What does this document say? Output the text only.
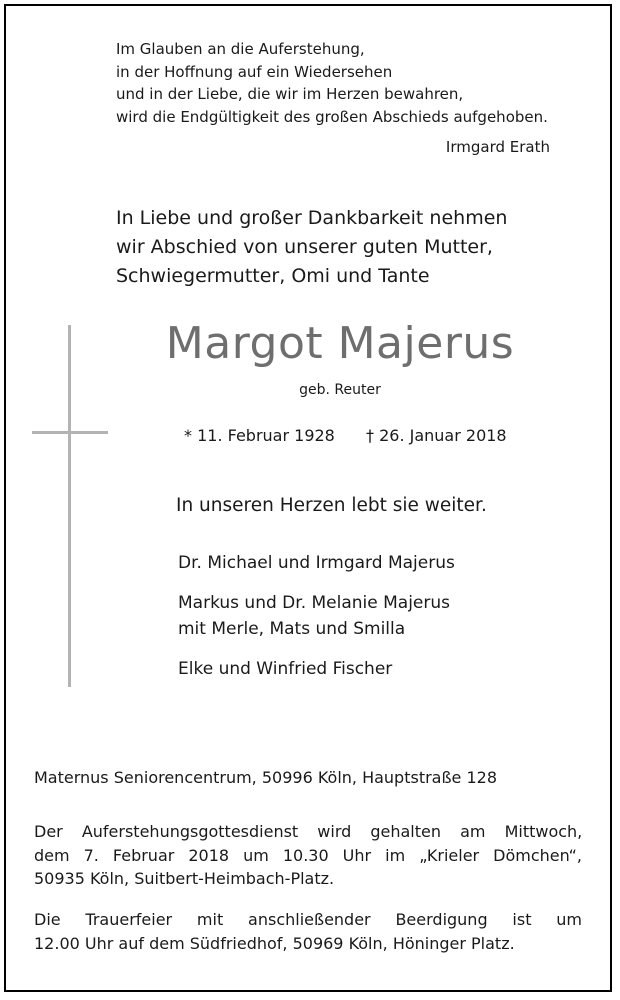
Im Glauben an die Auferstehung,
in der Hoffnung auf ein Wiedersehen
und in der Liebe, die wir im Herzen bewahren,
wird die Endgültigkeit des großen Abschieds aufgehoben.
Irmgard Erath
In Liebe und großer Dankbarkeit nehmen
wir Abschied von unserer guten Mutter,
Schwiegermutter, Omi und Tante
Margot Majerus
geb. Reuter
* 11. Februar 1928 † 26. Januar 2018
In unseren Herzen lebt sie weiter.
Dr. Michael und Irmgard Majerus
Markus und Dr. Melanie Majerus
mit Merle, Mats und Smilla
Elke und Winfried Fischer
Maternus Seniorencentrum, 50996 Köln, Hauptstraße 128
Der Auferstehungsgottesdienst wird gehalten am Mittwoch,
dem 7. Februar 2018 um 10.30 Uhr im „Krieler Dömchen“,
50935 Köln, Suitbert-Heimbach-Platz.
Die Trauerfeier mit anschließender Beerdigung ist um
12.00 Uhr auf dem Südfriedhof, 50969 Köln, Höninger Platz.
